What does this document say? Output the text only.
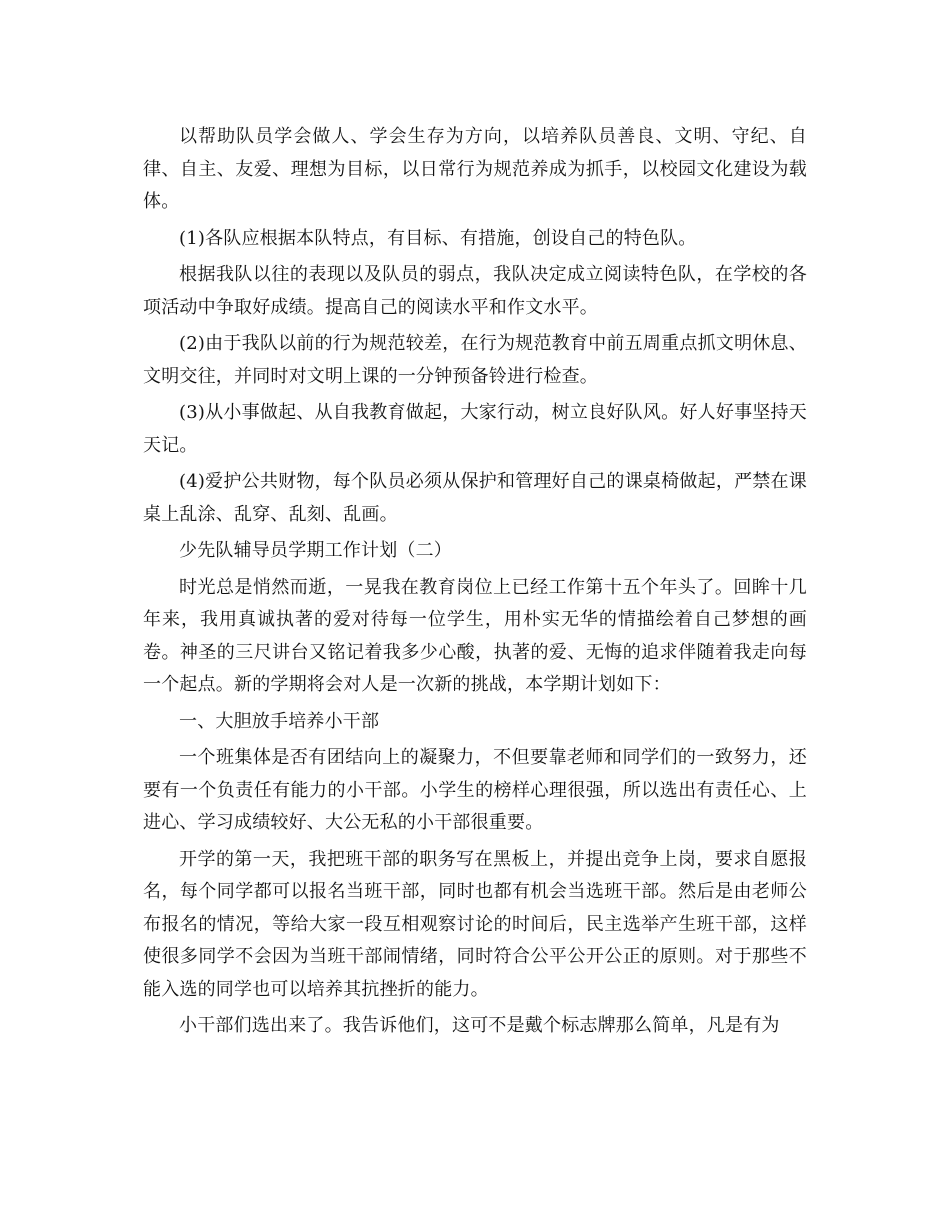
以帮助队员学会做人、学会生存为方向，以培养队员善良、文明、守纪、自律、自主、友爱、理想为目标，以日常行为规范养成为抓手，以校园文化建设为载体。

(1)各队应根据本队特点，有目标、有措施，创设自己的特色队。

根据我队以往的表现以及队员的弱点，我队决定成立阅读特色队，在学校的各项活动中争取好成绩。提高自己的阅读水平和作文水平。

(2)由于我队以前的行为规范较差，在行为规范教育中前五周重点抓文明休息、文明交往，并同时对文明上课的一分钟预备铃进行检查。

(3)从小事做起、从自我教育做起，大家行动，树立良好队风。好人好事坚持天天记。

(4)爱护公共财物，每个队员必须从保护和管理好自己的课桌椅做起，严禁在课桌上乱涂、乱穿、乱刻、乱画。

少先队辅导员学期工作计划（二）

时光总是悄然而逝，一晃我在教育岗位上已经工作第十五个年头了。回眸十几年来，我用真诚执著的爱对待每一位学生，用朴实无华的情描绘着自己梦想的画卷。神圣的三尺讲台又铭记着我多少心酸，执著的爱、无悔的追求伴随着我走向每一个起点。新的学期将会对人是一次新的挑战，本学期计划如下：

一、大胆放手培养小干部

一个班集体是否有团结向上的凝聚力，不但要靠老师和同学们的一致努力，还要有一个负责任有能力的小干部。小学生的榜样心理很强，所以选出有责任心、上进心、学习成绩较好、大公无私的小干部很重要。

开学的第一天，我把班干部的职务写在黑板上，并提出竞争上岗，要求自愿报名，每个同学都可以报名当班干部，同时也都有机会当选班干部。然后是由老师公布报名的情况，等给大家一段互相观察讨论的时间后，民主选举产生班干部，这样使很多同学不会因为当班干部闹情绪，同时符合公平公开公正的原则。对于那些不能入选的同学也可以培养其抗挫折的能力。

小干部们选出来了。我告诉他们，这可不是戴个标志牌那么简单，凡是有为
